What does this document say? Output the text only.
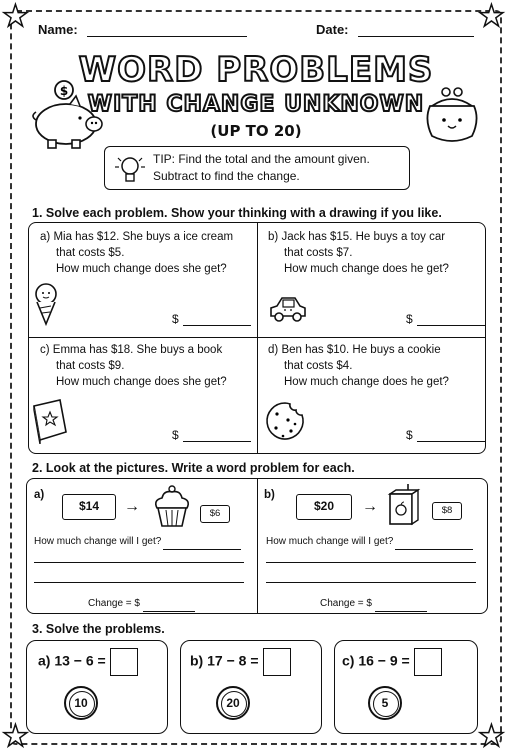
★	★
★	★
Name:	Date:
$
WORD PROBLEMS
WITH CHANGE UNKNOWN
(UP TO 20)
TIP: Find the total and the amount given.
Subtract to find the change.
1. Solve each problem. Show your thinking with a drawing if you like.
a) Mia has $12. She buys a ice cream
that costs $5.
How much change does she get?
b) Jack has $15. He buys a toy car
that costs $7.
How much change does he get?
c) Emma has $18. She buys a book
that costs $9.
How much change does she get?
d) Ben has $10. He buys a cookie
that costs $4.
How much change does he get?
$	$
$	$
2. Look at the pictures. Write a word problem for each.
a)
$14	→	$6
b)
$20	→	$8
How much change will I get?
Change = $
How much change will I get?
Change = $
3. Solve the problems.
a) 13 − 6 =
10
b) 17 − 8 =
20
c) 16 − 9 =
5
